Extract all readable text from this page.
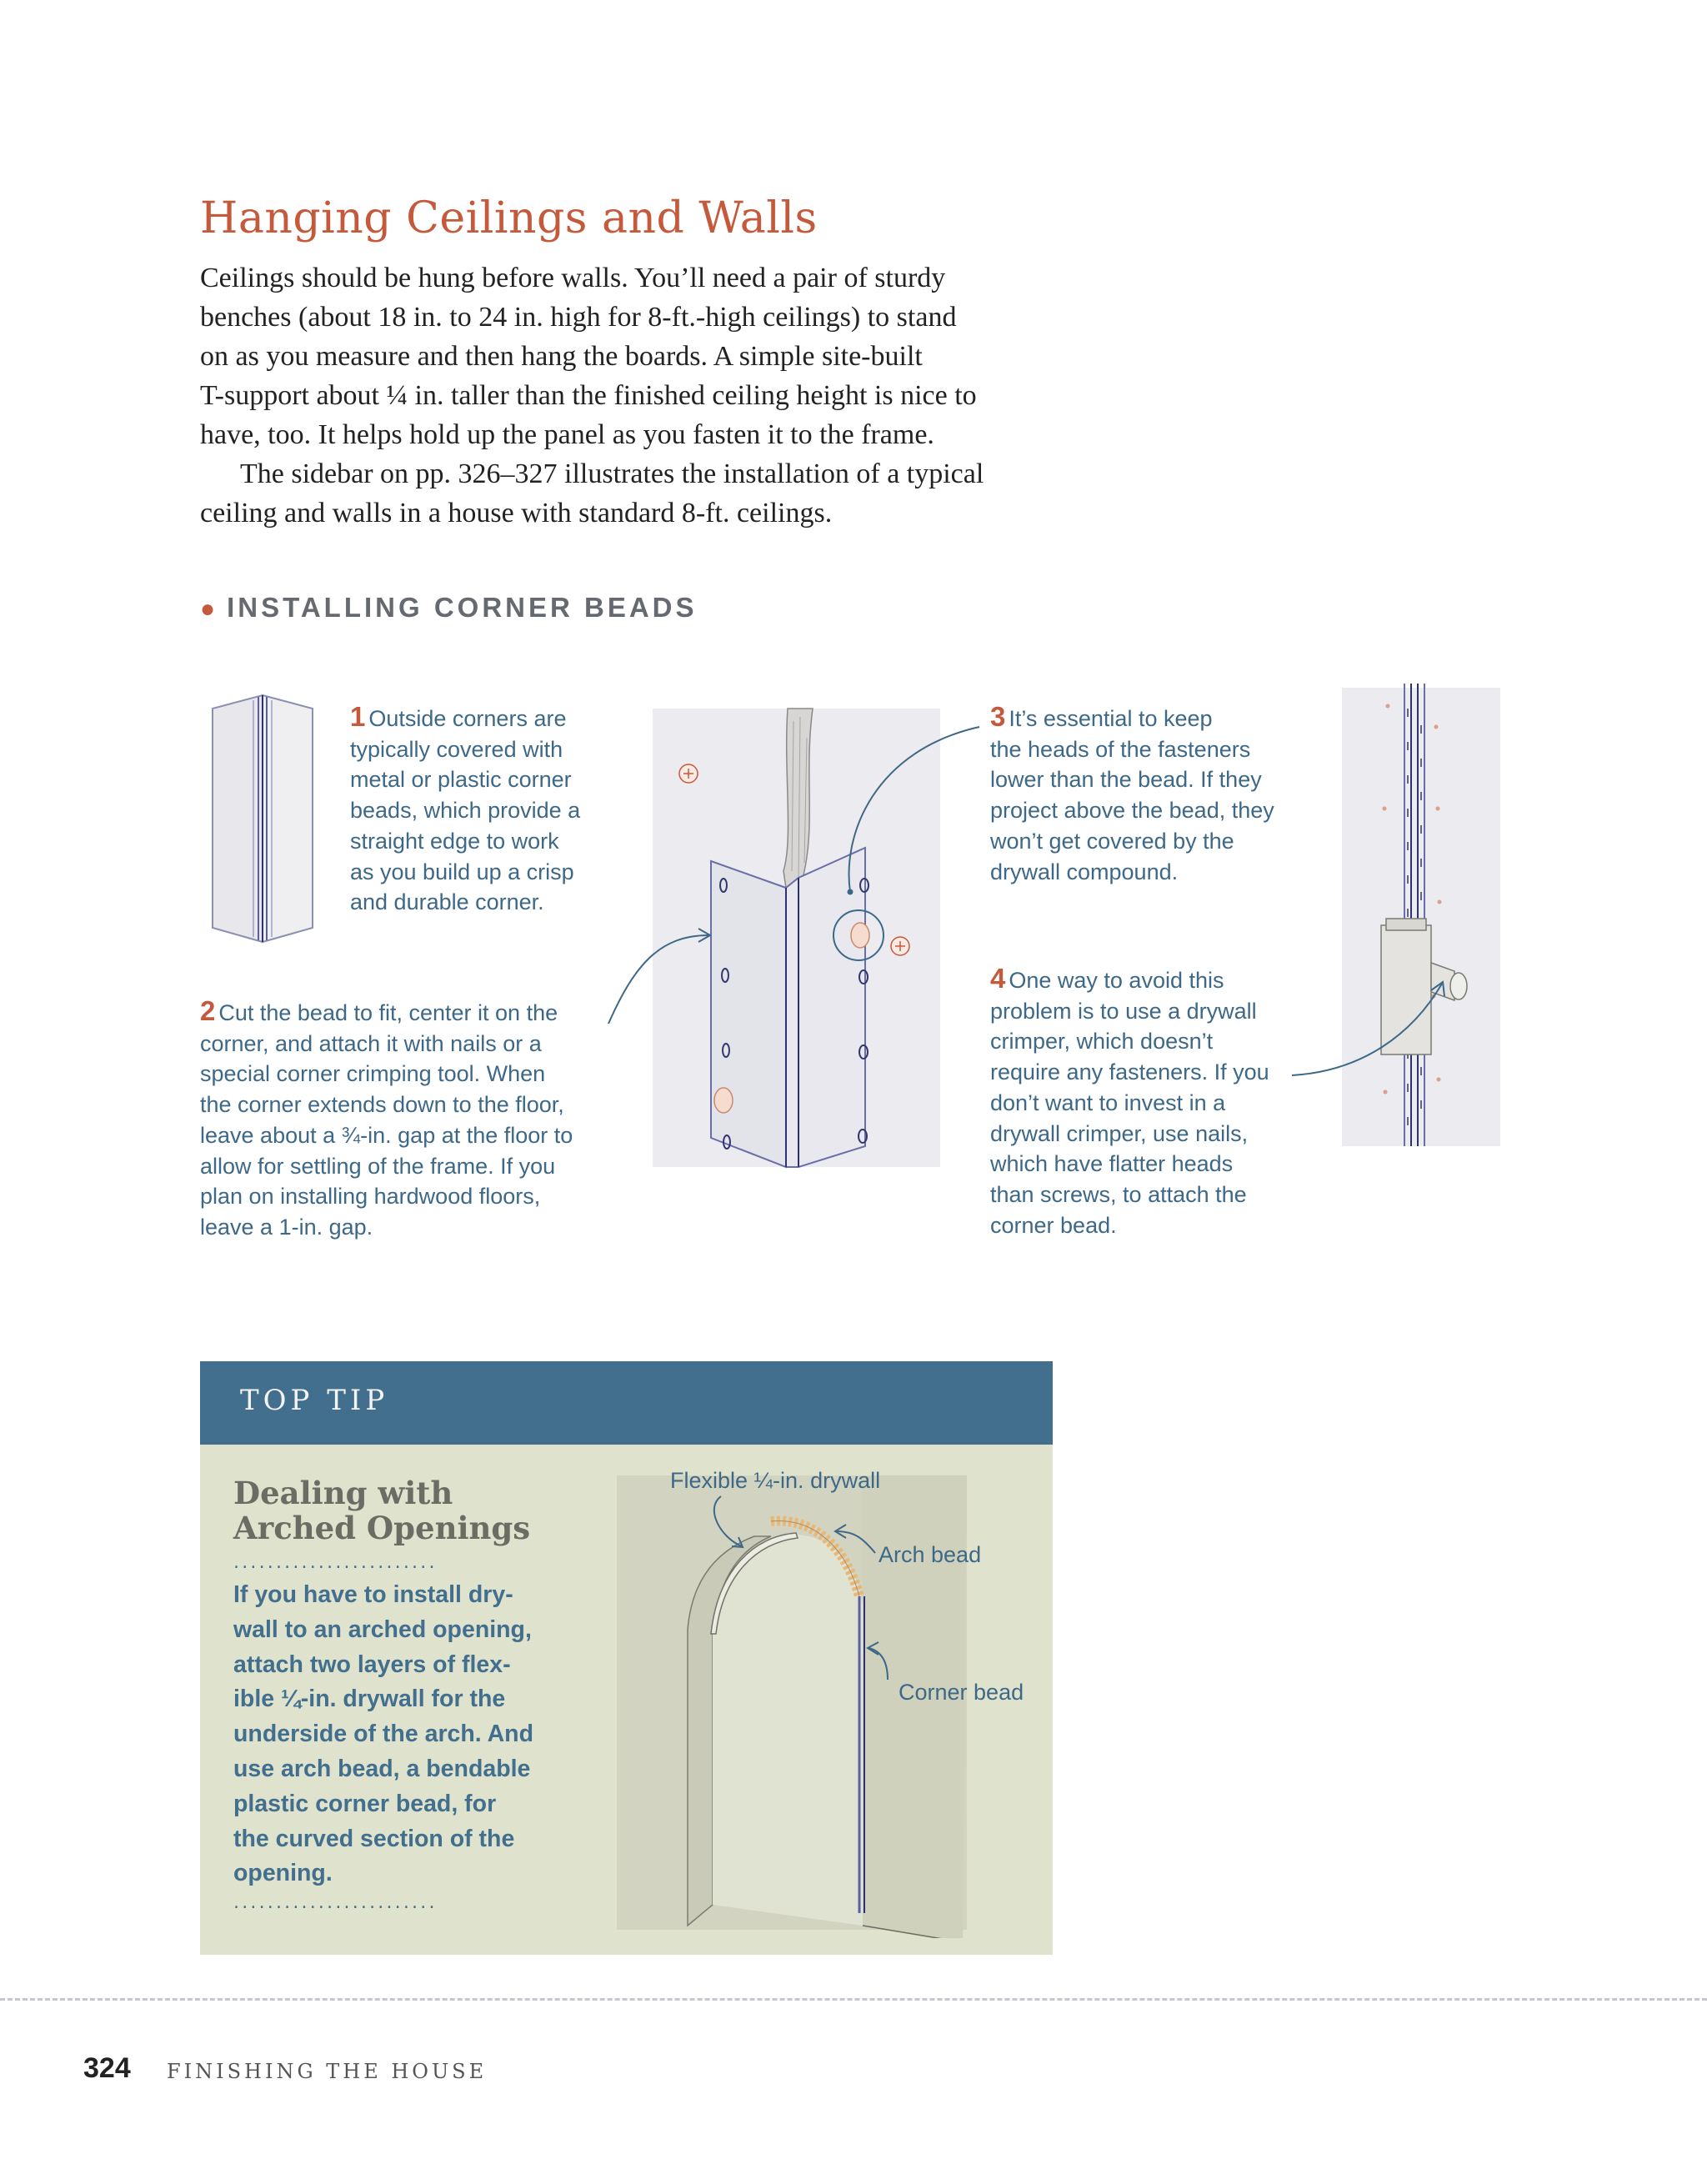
Hanging Ceilings and Walls

Ceilings should be hung before walls. You’ll need a pair of sturdy
benches (about 18 in. to 24 in. high for 8-ft.-high ceilings) to stand
on as you measure and then hang the boards. A simple site-built
T-support about ¼ in. taller than the finished ceiling height is nice to
have, too. It helps hold up the panel as you fasten it to the frame.

The sidebar on pp. 326–327 illustrates the installation of a typical
ceiling and walls in a house with standard 8-ft. ceilings.

● INSTALLING CORNER BEADS
1 Outside corners are
typically covered with
metal or plastic corner
beads, which provide a
straight edge to work
as you build up a crisp
and durable corner.
3 It’s essential to keep
the heads of the fasteners
lower than the bead. If they
project above the bead, they
won’t get covered by the
drywall compound.
4 One way to avoid this
problem is to use a drywall
crimper, which doesn’t
require any fasteners. If you
don’t want to invest in a
drywall crimper, use nails,
which have flatter heads
than screws, to attach the
corner bead.
2 Cut the bead to fit, center it on the
corner, and attach it with nails or a
special corner crimping tool. When
the corner extends down to the floor,
leave about a ¾-in. gap at the floor to
allow for settling of the frame. If you
plan on installing hardwood floors,
leave a 1-in. gap.
TOP TIP
Dealing with
Arched Openings
........................
If you have to install dry-
wall to an arched opening,
attach two layers of flex-
ible ¼-in. drywall for the
underside of the arch. And
use arch bead, a bendable
plastic corner bead, for
the curved section of the
opening.
........................
Flexible ¼-in. drywall
Arch bead
Corner bead
324 FINISHING THE HOUSE
